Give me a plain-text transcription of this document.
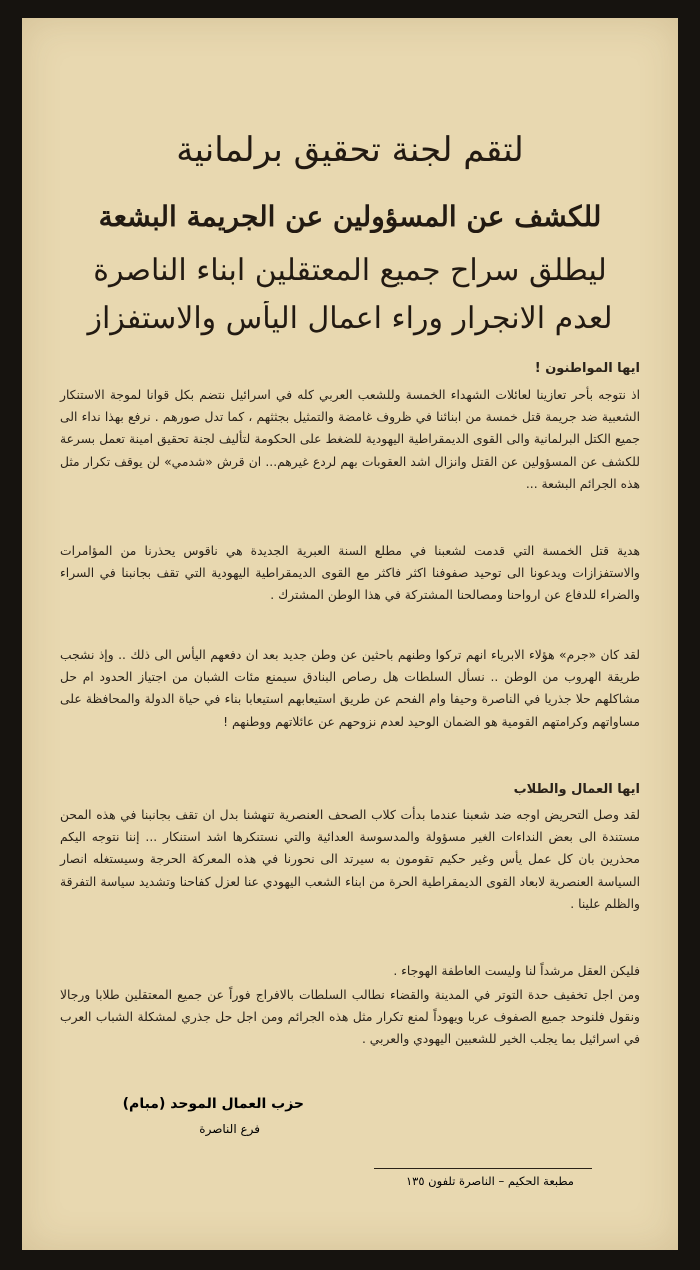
لتقم لجنة تحقيق برلمانية
للكشف عن المسؤولين عن الجريمة البشعة
ليطلق سراح جميع المعتقلين ابناء الناصرة
لعدم الانجرار وراء اعمال اليأس والاستفزاز
ايها المواطنون !
اذ نتوجه بأحر تعازينا لعائلات الشهداء الخمسة وللشعب العربي كله في اسرائيل نتضم بكل قوانا لموجة الاستنكار الشعبية ضد جريمة قتل خمسة من ابنائنا في ظروف غامضة والتمثيل بجثثهم ، كما تدل صورهم . نرفع بهذا نداء الى جميع الكتل البرلمانية والى القوى الديمقراطية اليهودية للضغط على الحكومة لتأليف لجنة تحقيق امينة تعمل بسرعة للكشف عن المسؤولين عن القتل وانزال اشد العقوبات بهم لردع غيرهم... ان قرش «شدمي» لن يوقف تكرار مثل هذه الجرائم البشعة ...
هدية قتل الخمسة التي قدمت لشعبنا في مطلع السنة العبرية الجديدة هي ناقوس يحذرنا من المؤامرات والاستفزازات ويدعونا الى توحيد صفوفنا اكثر فاكثر مع القوى الديمقراطية اليهودية التي تقف بجانبنا في السراء والضراء للدفاع عن ارواحنا ومصالحنا المشتركة في هذا الوطن المشترك .
لقد كان «جرم» هؤلاء الابرياء انهم تركوا وطنهم باحثين عن وطن جديد بعد ان دفعهم اليأس الى ذلك .. وإذ نشجب طريقة الهروب من الوطن .. نسأل السلطات هل رصاص البنادق سيمنع مئات الشبان من اجتياز الحدود ام حل مشاكلهم حلا جذريا في الناصرة وحيفا وام الفحم عن طريق استيعابهم استيعابا بناء في حياة الدولة والمحافظة على مساواتهم وكرامتهم القومية هو الضمان الوحيد لعدم نزوحهم عن عائلاتهم ووطنهم !
ايها العمال والطلاب
لقد وصل التحريض اوجه ضد شعبنا عندما بدأت كلاب الصحف العنصرية تنهشنا بدل ان تقف بجانبنا في هذه المحن مستندة الى بعض النداءات الغير مسؤولة والمدسوسة العدائية والتي نستنكرها اشد استنكار ... إننا نتوجه اليكم محذرين بان كل عمل يأس وغير حكيم تقومون به سيرتد الى نحورنا في هذه المعركة الحرجة وسيستغله انصار السياسة العنصرية لابعاد القوى الديمقراطية الحرة من ابناء الشعب اليهودي عنا لعزل كفاحنا وتشديد سياسة التفرقة والظلم علينا .
فليكن العقل مرشداً لنا وليست العاطفة الهوجاء .
ومن اجل تخفيف حدة التوتر في المدينة والقضاء نطالب السلطات بالافراج فوراً عن جميع المعتقلين طلابا ورجالا ونقول فلنوحد جميع الصفوف عربا ويهوداً لمنع تكرار مثل هذه الجرائم ومن اجل حل جذري لمشكلة الشباب العرب في اسرائيل بما يجلب الخير للشعبين اليهودي والعربي .
حزب العمال الموحد (مبام)
فرع الناصرة
مطبعة الحكيم – الناصرة تلفون ١٣٥
